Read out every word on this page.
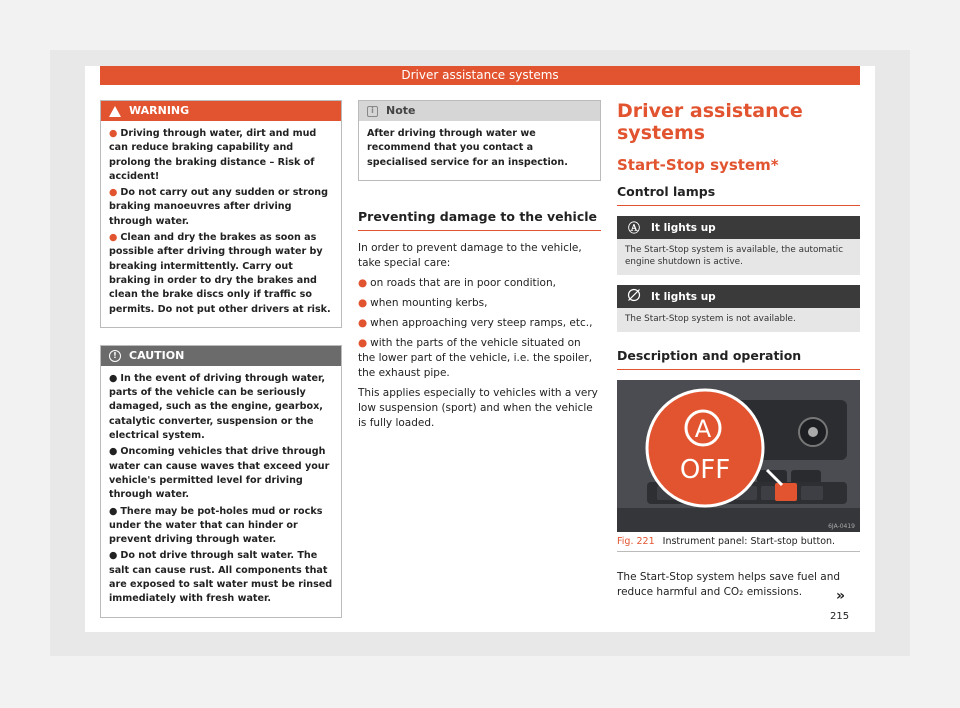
Driver assistance systems
WARNING

● Driving through water, dirt and mud can reduce braking capability and prolong the braking distance – Risk of accident!

● Do not carry out any sudden or strong braking manoeuvres after driving through water.

● Clean and dry the brakes as soon as possible after driving through water by breaking intermittently. Carry out braking in order to dry the brakes and clean the brake discs only if traffic so permits. Do not put other drivers at risk.

!	CAUTION

● In the event of driving through water, parts of the vehicle can be seriously damaged, such as the engine, gearbox, catalytic converter, suspension or the electrical system.

● Oncoming vehicles that drive through water can cause waves that exceed your vehicle's permitted level for driving through water.

● There may be pot-holes mud or rocks under the water that can hinder or prevent driving through water.

● Do not drive through salt water. The salt can cause rust. All components that are exposed to salt water must be rinsed immediately with fresh water.

i	Note

After driving through water we recommend that you contact a specialised service for an inspection.

Preventing damage to the vehicle

In order to prevent damage to the vehicle, take special care:

● on roads that are in poor condition,

● when mounting kerbs,

● when approaching very steep ramps, etc.,

● with the parts of the vehicle situated on the lower part of the vehicle, i.e. the spoiler, the exhaust pipe.

This applies especially to vehicles with a very low suspension (sport) and when the vehicle is fully loaded.

Driver assistance systems
Start-Stop system*
Control lamps
Ⓐ	It lights up
The Start-Stop system is available, the automatic engine shutdown is active.
It lights up
The Start-Stop system is not available.
Description and operation
A
OFF
6JA-0419
Fig. 221 Instrument panel: Start-stop button.

The Start-Stop system helps save fuel and reduce harmful and CO₂ emissions.	»
215
